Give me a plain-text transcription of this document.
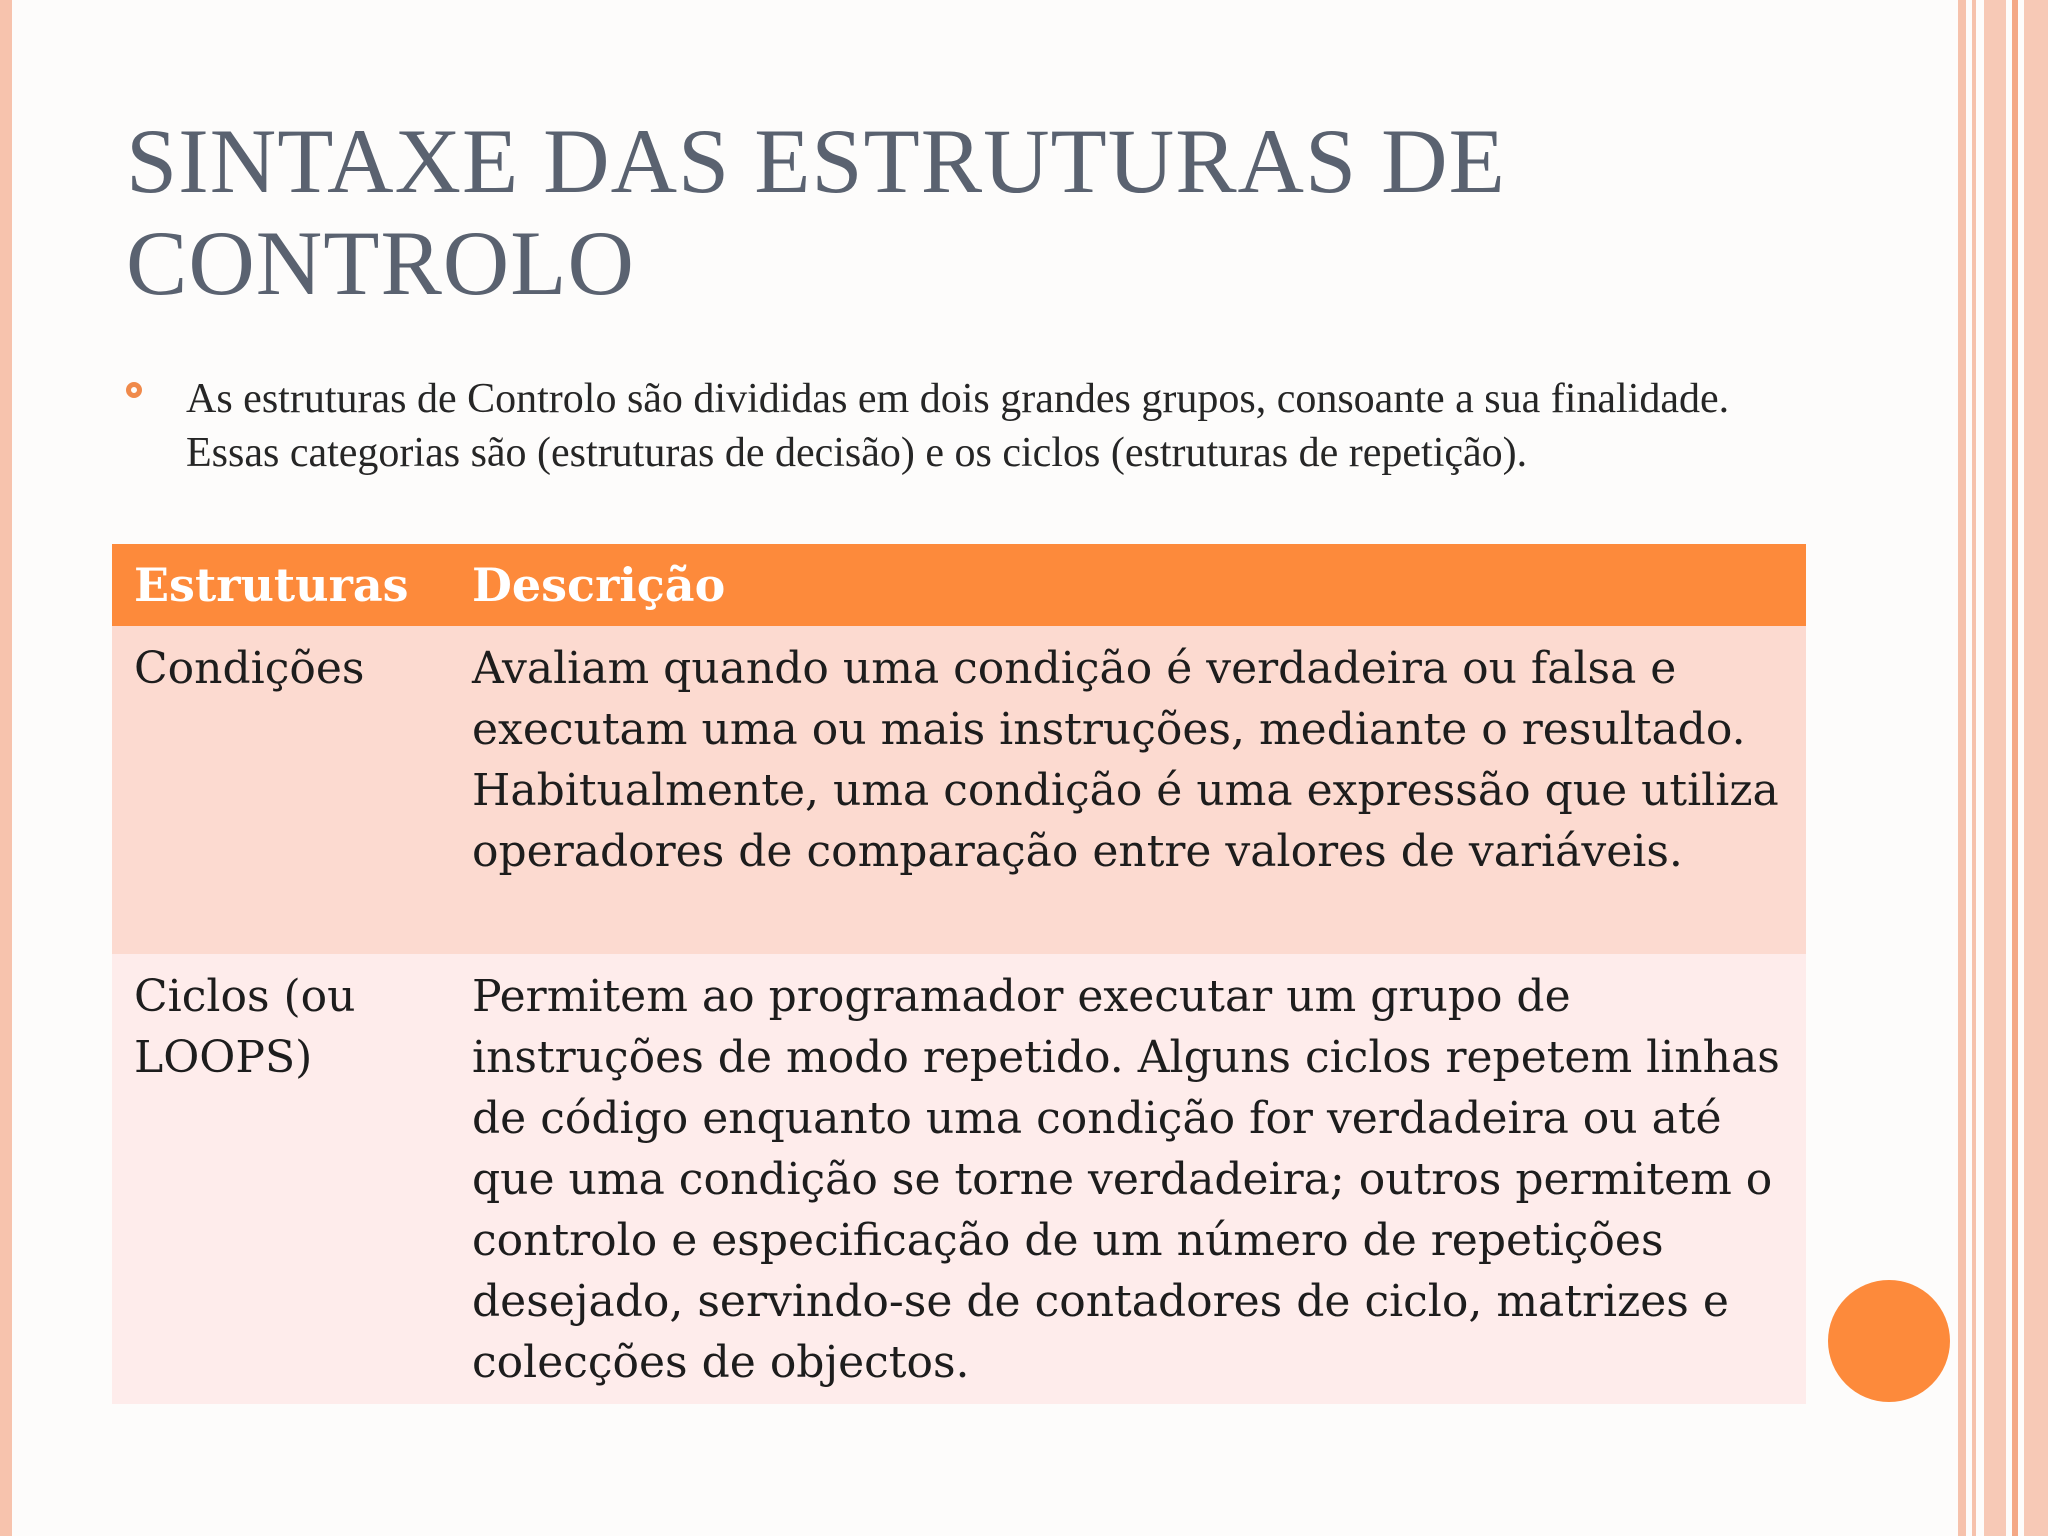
SINTAXE DAS ESTRUTURAS DE CONTROLO

As estruturas de Controlo são divididas em dois grandes grupos, consoante a sua finalidade. Essas categorias são (estruturas de decisão) e os ciclos (estruturas de repetição).

Estruturas	Descrição
Condições	Avaliam quando uma condição é verdadeira ou falsa e executam uma ou mais instruções, mediante o resultado. Habitualmente, uma condição é uma expressão que utiliza operadores de comparação entre valores de variáveis.
Ciclos (ou LOOPS)	Permitem ao programador executar um grupo de instruções de modo repetido. Alguns ciclos repetem linhas de código enquanto uma condição for verdadeira ou até que uma condição se torne verdadeira; outros permitem o controlo e especificação de um número de repetições desejado, servindo-se de contadores de ciclo, matrizes e colecções de objectos.
